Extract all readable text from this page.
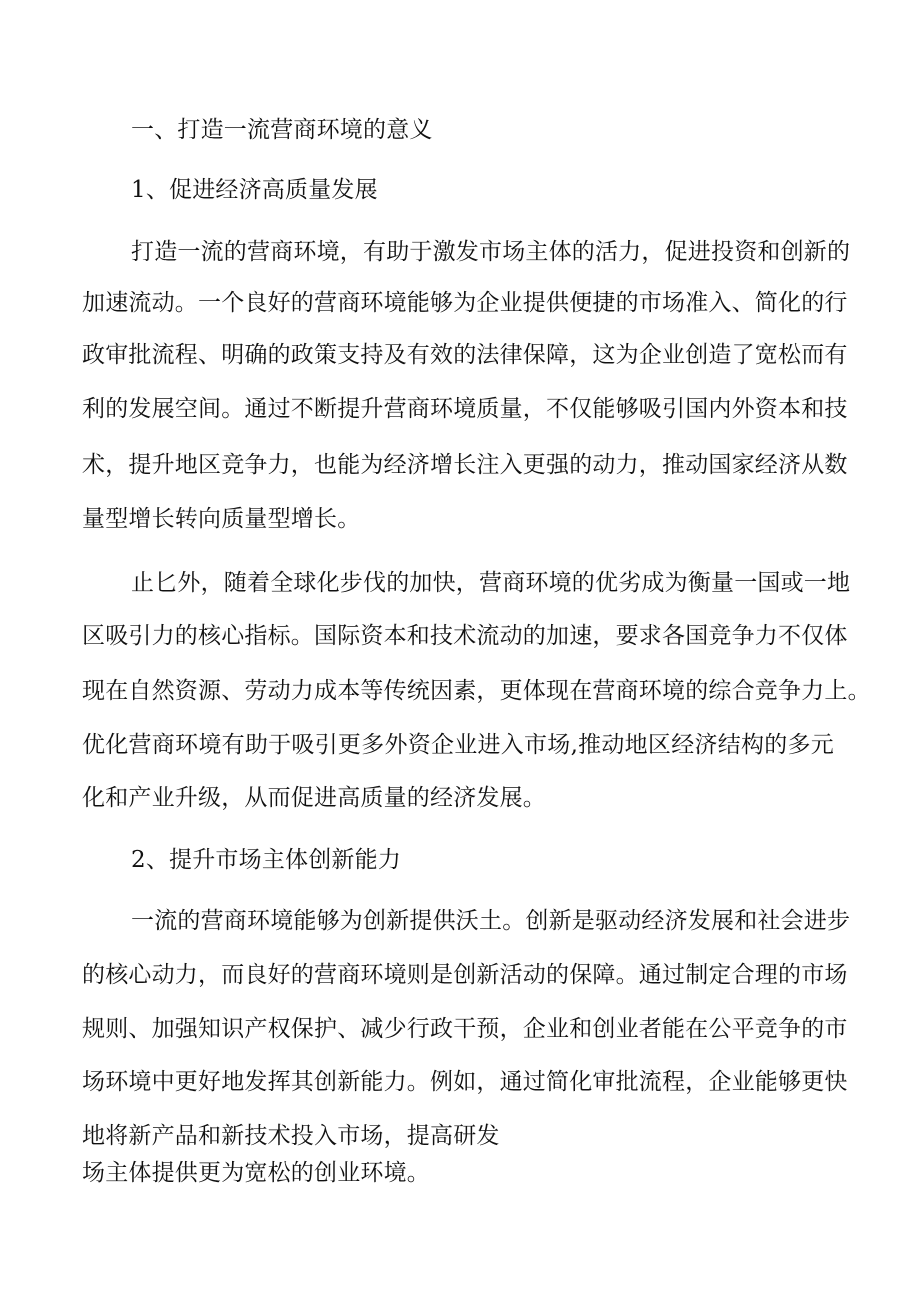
一、打造一流营商环境的意义
1、促进经济高质量发展
打造一流的营商环境，有助于激发市场主体的活力，促进投资和创新的
加速流动。一个良好的营商环境能够为企业提供便捷的市场准入、简化的行
政审批流程、明确的政策支持及有效的法律保障，这为企业创造了宽松而有
利的发展空间。通过不断提升营商环境质量，不仅能够吸引国内外资本和技
术，提升地区竞争力，也能为经济增长注入更强的动力，推动国家经济从数
量型增长转向质量型增长。
止匕外，随着全球化步伐的加快，营商环境的优劣成为衡量一国或一地
区吸引力的核心指标。国际资本和技术流动的加速，要求各国竞争力不仅体
现在自然资源、劳动力成本等传统因素，更体现在营商环境的综合竞争力上。
优化营商环境有助于吸引更多外资企业进入市场,推动地区经济结构的多元
化和产业升级，从而促进高质量的经济发展。
2、提升市场主体创新能力
一流的营商环境能够为创新提供沃土。创新是驱动经济发展和社会进步
的核心动力，而良好的营商环境则是创新活动的保障。通过制定合理的市场
规则、加强知识产权保护、减少行政干预，企业和创业者能在公平竞争的市
场环境中更好地发挥其创新能力。例如，通过简化审批流程，企业能够更快
地将新产品和新技术投入市场，提高研发
场主体提供更为宽松的创业环境。
